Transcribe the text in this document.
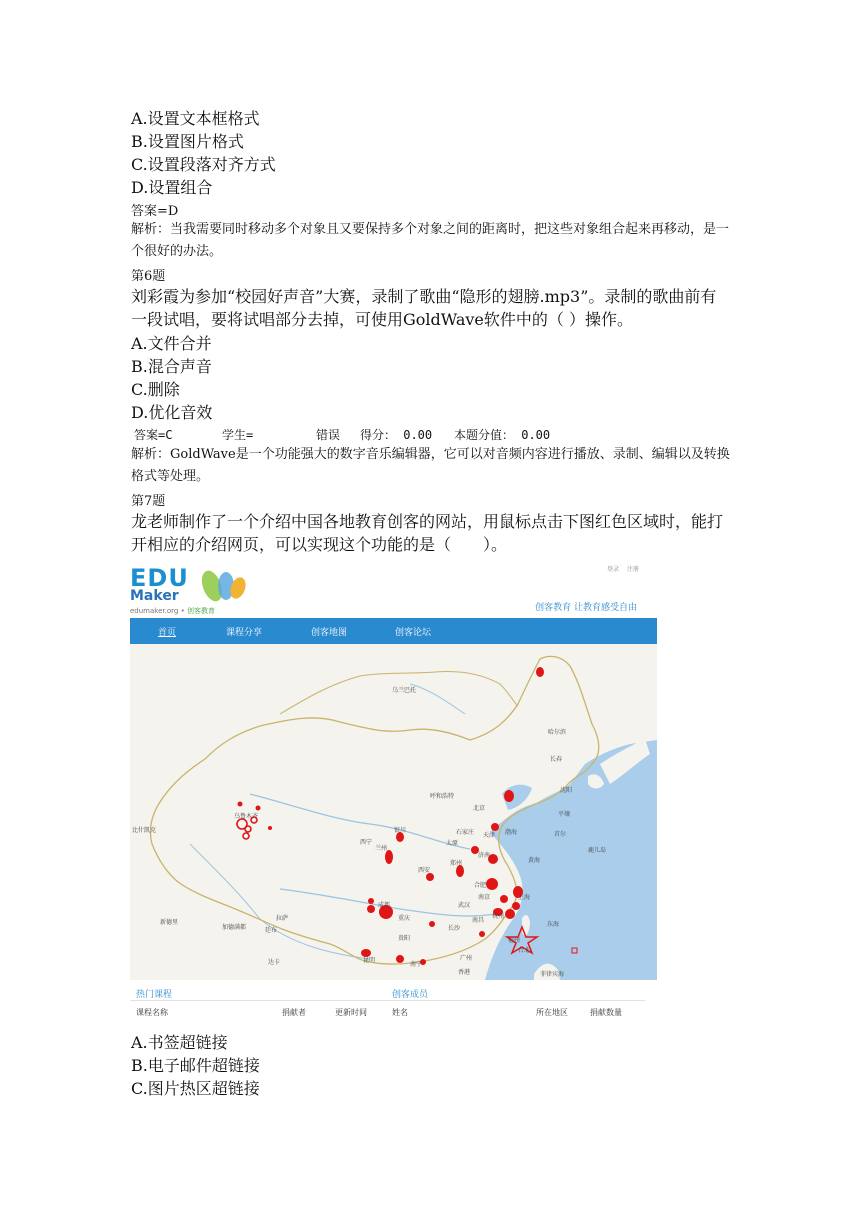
A.设置文本框格式
B.设置图片格式
C.设置段落对齐方式
D.设置组合
答案=D
解析：当我需要同时移动多个对象且又要保持多个对象之间的距离时，把这些对象组合起来再移动，是一个很好的办法。
第6题
刘彩霞为参加“校园好声音”大赛，录制了歌曲“隐形的翅膀.mp3”。录制的歌曲前有一段试唱，要将试唱部分去掉，可使用GoldWave软件中的（ ）操作。
A.文件合并
B.混合声音
C.删除
D.优化音效
答案=C	学生=	错误 得分： 0.00 本题分值： 0.00
解析：GoldWave是一个功能强大的数字音乐编辑器，它可以对音频内容进行播放、录制、编辑以及转换格式等处理。
第7题
龙老师制作了一个介绍中国各地教育创客的网站，用鼠标点击下图红色区域时，能打开相应的介绍网页，可以实现这个功能的是（　　）。
EDU
Maker
edumaker.org • 创客教育
登录 注册
创客教育 让教育感受自由
首页	课程分享	创客地图	创客论坛
乌兰巴托
哈尔滨
长春
沈阳
平壤
首尔
比什凯克
呼和浩特
北京
天津
石家庄
太原
济南
渤海
银川
兰州
西宁
郑州
西安
黄海
南京	上海
合肥
武汉
杭州
东海
成都
重庆
长沙
南昌
福州
贵阳
昆明
南宁
广州
香港
台北
拉萨
新德里
加德满都	廷布
达卡
乌鲁木齐
鹿儿岛
菲律宾海
热门课程	创客成员
课程名称	捐献者	更新时间	姓名	所在地区	捐献数量
A.书签超链接
B.电子邮件超链接
C.图片热区超链接
